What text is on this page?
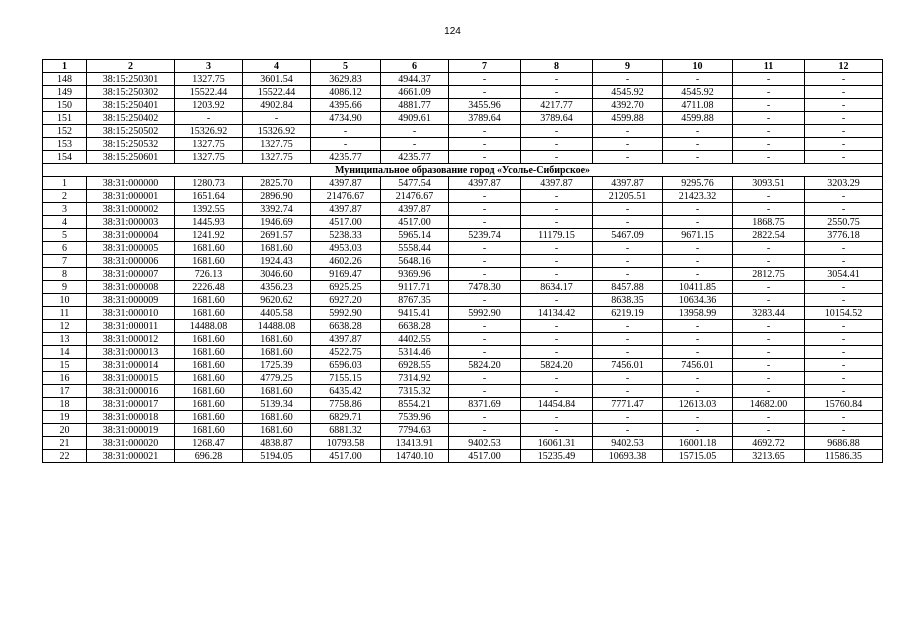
124
1	2	3	4	5	6	7	8	9	10	11	12
148	38:15:250301	1327.75	3601.54	3629.83	4944.37	-	-	-	-	-	-
149	38:15:250302	15522.44	15522.44	4086.12	4661.09	-	-	4545.92	4545.92	-	-
150	38:15:250401	1203.92	4902.84	4395.66	4881.77	3455.96	4217.77	4392.70	4711.08	-	-
151	38:15:250402	-	-	4734.90	4909.61	3789.64	3789.64	4599.88	4599.88	-	-
152	38:15:250502	15326.92	15326.92	-	-	-	-	-	-	-	-
153	38:15:250532	1327.75	1327.75	-	-	-	-	-	-	-	-
154	38:15:250601	1327.75	1327.75	4235.77	4235.77	-	-	-	-	-	-
Муниципальное образование город «Усолье-Сибирское»											
1	38:31:000000	1280.73	2825.70	4397.87	5477.54	4397.87	4397.87	4397.87	9295.76	3093.51	3203.29
2	38:31:000001	1651.64	2896.90	21476.67	21476.67	-	-	21205.51	21423.32	-	-
3	38:31:000002	1392.55	3392.74	4397.87	4397.87	-	-	-	-	-	-
4	38:31:000003	1445.93	1946.69	4517.00	4517.00	-	-	-	-	1868.75	2550.75
5	38:31:000004	1241.92	2691.57	5238.33	5965.14	5239.74	11179.15	5467.09	9671.15	2822.54	3776.18
6	38:31:000005	1681.60	1681.60	4953.03	5558.44	-	-	-	-	-	-
7	38:31:000006	1681.60	1924.43	4602.26	5648.16	-	-	-	-	-	-
8	38:31:000007	726.13	3046.60	9169.47	9369.96	-	-	-	-	2812.75	3054.41
9	38:31:000008	2226.48	4356.23	6925.25	9117.71	7478.30	8634.17	8457.88	10411.85	-	-
10	38:31:000009	1681.60	9620.62	6927.20	8767.35	-	-	8638.35	10634.36	-	-
11	38:31:000010	1681.60	4405.58	5992.90	9415.41	5992.90	14134.42	6219.19	13958.99	3283.44	10154.52
12	38:31:000011	14488.08	14488.08	6638.28	6638.28	-	-	-	-	-	-
13	38:31:000012	1681.60	1681.60	4397.87	4402.55	-	-	-	-	-	-
14	38:31:000013	1681.60	1681.60	4522.75	5314.46	-	-	-	-	-	-
15	38:31:000014	1681.60	1725.39	6596.03	6928.55	5824.20	5824.20	7456.01	7456.01	-	-
16	38:31:000015	1681.60	4779.25	7155.15	7314.92	-	-	-	-	-	-
17	38:31:000016	1681.60	1681.60	6435.42	7315.32	-	-	-	-	-	-
18	38:31:000017	1681.60	5139.34	7758.86	8554.21	8371.69	14454.84	7771.47	12613.03	14682.00	15760.84
19	38:31:000018	1681.60	1681.60	6829.71	7539.96	-	-	-	-	-	-
20	38:31:000019	1681.60	1681.60	6881.32	7794.63	-	-	-	-	-	-
21	38:31:000020	1268.47	4838.87	10793.58	13413.91	9402.53	16061.31	9402.53	16001.18	4692.72	9686.88
22	38:31:000021	696.28	5194.05	4517.00	14740.10	4517.00	15235.49	10693.38	15715.05	3213.65	11586.35
